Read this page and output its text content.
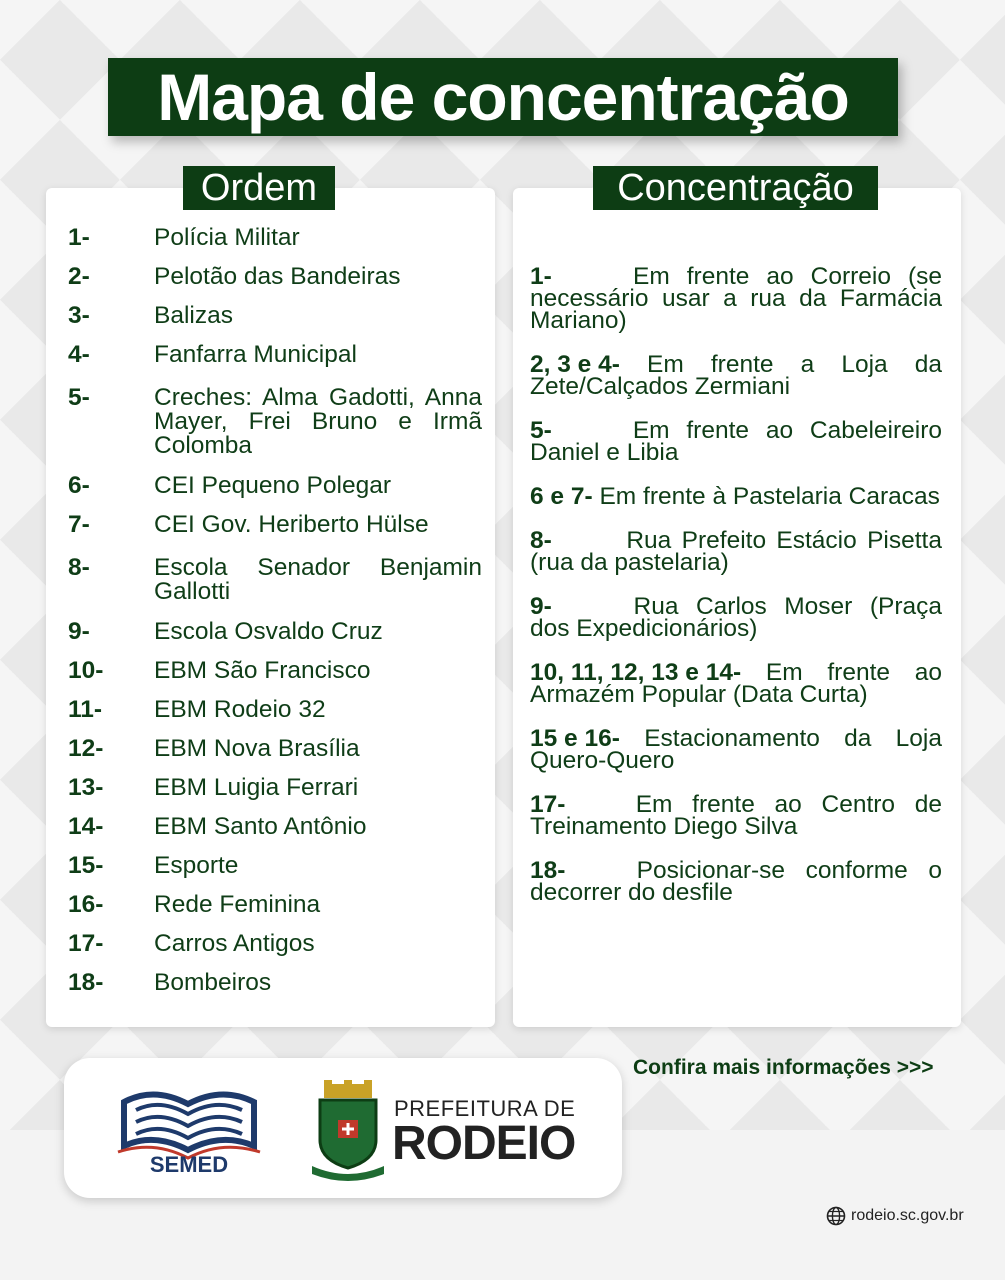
Mapa de concentração
Ordem	Concentração
1-	Polícia Militar
2-	Pelotão das Bandeiras
3-	Balizas
4-	Fanfarra Municipal
5-	Creches: Alma Gadotti, Anna Mayer, Frei Bruno e Irmã Colomba
6-	CEI Pequeno Polegar
7-	CEI Gov. Heriberto Hülse
8-	Escola Senador Benjamin Gallotti
9-	Escola Osvaldo Cruz
10-	EBM São Francisco
11-	EBM Rodeio 32
12-	EBM Nova Brasília
13-	EBM Luigia Ferrari
14-	EBM Santo Antônio
15-	Esporte
16-	Rede Feminina
17-	Carros Antigos
18-	Bombeiros
1-	Em frente ao Correio (se necessário usar a rua da Farmácia Mariano)
2, 3 e 4- Em frente a Loja da Zete/Calçados Zermiani
5-	Em frente ao Cabeleireiro Daniel e Libia
6 e 7- Em frente à Pastelaria Caracas
8-	Rua Prefeito Estácio Pisetta (rua da pastelaria)
9-	Rua Carlos Moser (Praça dos Expedicionários)
10, 11, 12, 13 e 14- Em frente ao Armazém Popular (Data Curta)
15 e 16- Estacionamento da Loja Quero-Quero
17-	Em frente ao Centro de Treinamento Diego Silva
18-	Posicionar-se conforme o decorrer do desfile
Confira mais informações >>>
SEMED
PREFEITURA DE
RODEIO
rodeio.sc.gov.br
